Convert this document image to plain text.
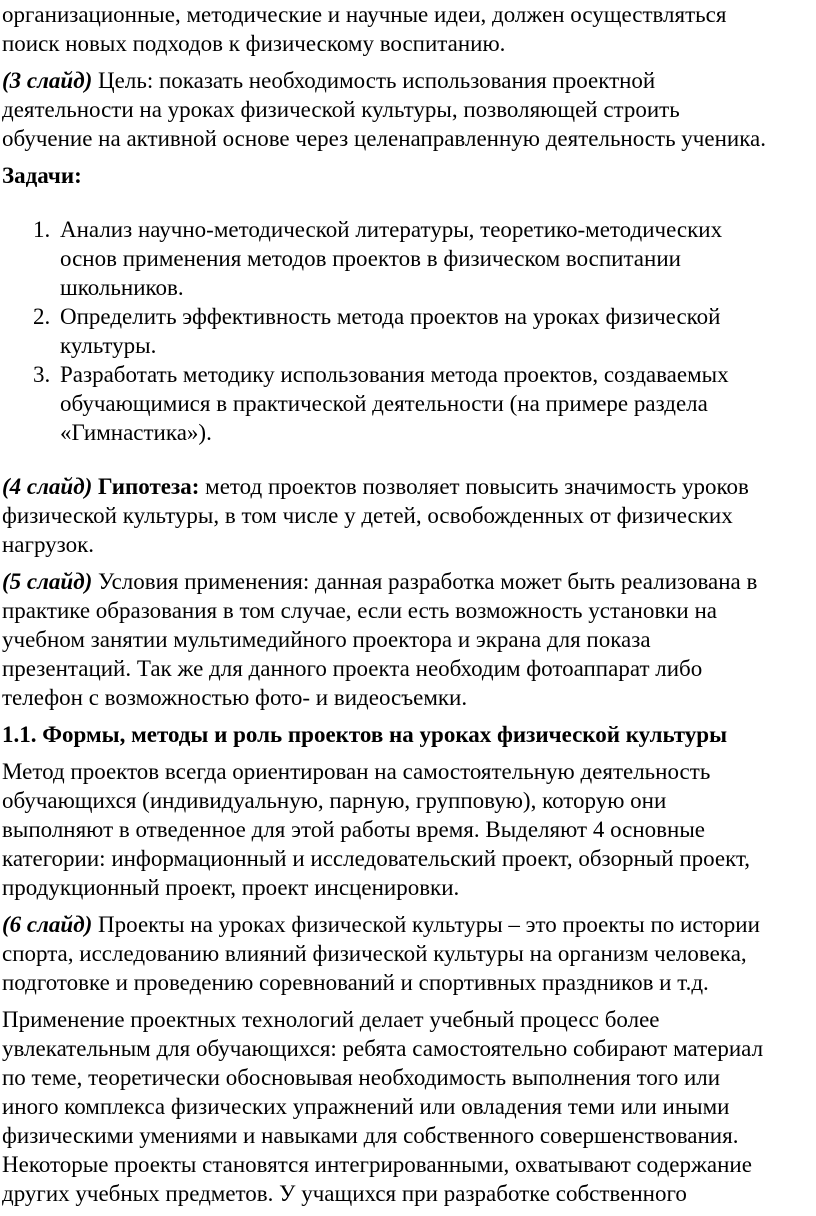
организационные, методические и научные идеи, должен осуществляться
поиск новых подходов к физическому воспитанию.

(3 слайд) Цель: показать необходимость использования проектной
деятельности на уроках физической культуры, позволяющей строить
обучение на активной основе через целенаправленную деятельность ученика.

Задачи:

1. Анализ научно-методической литературы, теоретико-методических
основ применения методов проектов в физическом воспитании
школьников.
2. Определить эффективность метода проектов на уроках физической
культуры.
3. Разработать методику использования метода проектов, создаваемых
обучающимися в практической деятельности (на примере раздела
«Гимнастика»).

(4 слайд) Гипотеза: метод проектов позволяет повысить значимость уроков
физической культуры, в том числе у детей, освобожденных от физических
нагрузок.

(5 слайд) Условия применения: данная разработка может быть реализована в
практике образования в том случае, если есть возможность установки на
учебном занятии мультимедийного проектора и экрана для показа
презентаций. Так же для данного проекта необходим фотоаппарат либо
телефон с возможностью фото- и видеосъемки.

1.1. Формы, методы и роль проектов на уроках физической культуры

Метод проектов всегда ориентирован на самостоятельную деятельность
обучающихся (индивидуальную, парную, групповую), которую они
выполняют в отведенное для этой работы время. Выделяют 4 основные
категории: информационный и исследовательский проект, обзорный проект,
продукционный проект, проект инсценировки.

(6 слайд) Проекты на уроках физической культуры – это проекты по истории
спорта, исследованию влияний физической культуры на организм человека,
подготовке и проведению соревнований и спортивных праздников и т.д.

Применение проектных технологий делает учебный процесс более
увлекательным для обучающихся: ребята самостоятельно собирают материал
по теме, теоретически обосновывая необходимость выполнения того или
иного комплекса физических упражнений или овладения теми или иными
физическими умениями и навыками для собственного совершенствования.
Некоторые проекты становятся интегрированными, охватывают содержание
других учебных предметов. У учащихся при разработке собственного
